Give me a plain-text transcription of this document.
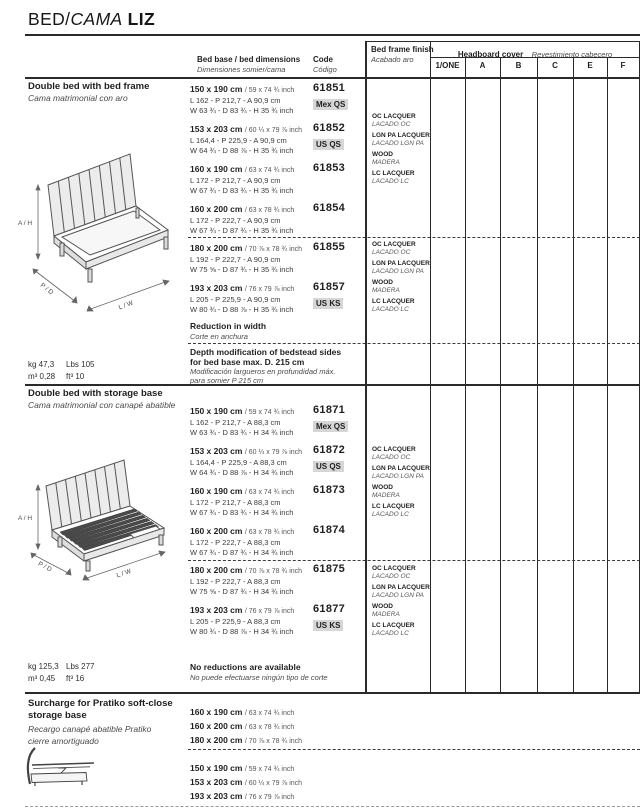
BED/CAMA LIZ
Bed base / bed dimensions
Dimensiones somier/cama
Code
Código
Bed frame finish
Acabado aro
Headboard cover Revestimiento cabecero
1/ONE	A	B	C	E	F
Double bed with bed frame
Cama matrimonial con aro
A / H
P / D
L / W
150 x 190 cm / 59 x 74 ¾ inch
L 162 - P 212,7 - A 90,9 cm
W 63 ¾ - D 83 ¾ - H 35 ¾ inch
61851
Mex QS
153 x 203 cm / 60 ¼ x 79 ⅞ inch
L 164,4 - P 225,9 - A 90,9 cm
W 64 ¾ - D 88 ⅞ - H 35 ¾ inch
61852
US QS
160 x 190 cm / 63 x 74 ¾ inch
L 172 - P 212,7 - A 90,9 cm
W 67 ¾ - D 83 ¾ - H 35 ¾ inch
61853
160 x 200 cm / 63 x 78 ¾ inch
L 172 - P 222,7 - A 90,9 cm
W 67 ¾ - D 87 ¾ - H 35 ¾ inch
61854
180 x 200 cm / 70 ⅞ x 78 ¾ inch
L 192 - P 222,7 - A 90,9 cm
W 75 ⅝ - D 87 ¾ - H 35 ¾ inch
61855
193 x 203 cm / 76 x 79 ⅞ inch
L 205 - P 225,9 - A 90,9 cm
W 80 ¾ - D 88 ⅞ - H 35 ¾ inch
61857
US KS
OC LACQUER
LACADO OC
LGN PA LACQUER
LACADO LGN PA
WOOD
MADERA
LC LACQUER
LACADO LC
OC LACQUER
LACADO OC
LGN PA LACQUER
LACADO LGN PA
WOOD
MADERA
LC LACQUER
LACADO LC
Reduction in width
Corte en anchura
Depth modification of bedstead sides
for bed base max. D. 215 cm
Modificación largueros en profundidad máx.
para somier P 215 cm
kg 47,3 Lbs 105
m³ 0,28 ft³ 10
Double bed with storage base
Cama matrimonial con canapé abatible
A / H
P / D
L / W
150 x 190 cm / 59 x 74 ¾ inch
L 162 - P 212,7 - A 88,3 cm
W 63 ¾ - D 83 ¾ - H 34 ¾ inch
61871
Mex QS
153 x 203 cm / 60 ¼ x 79 ⅞ inch
L 164,4 - P 225,9 - A 88,3 cm
W 64 ¾ - D 88 ⅞ - H 34 ¾ inch
61872
US QS
160 x 190 cm / 63 x 74 ¾ inch
L 172 - P 212,7 - A 88,3 cm
W 67 ¾ - D 83 ¾ - H 34 ¾ inch
61873
160 x 200 cm / 63 x 78 ¾ inch
L 172 - P 222,7 - A 88,3 cm
W 67 ¾ - D 87 ¾ - H 34 ¾ inch
61874
180 x 200 cm / 70 ⅞ x 78 ¾ inch
L 192 - P 222,7 - A 88,3 cm
W 75 ⅝ - D 87 ¾ - H 34 ¾ inch
61875
193 x 203 cm / 76 x 79 ⅞ inch
L 205 - P 225,9 - A 88,3 cm
W 80 ¾ - D 88 ⅞ - H 34 ¾ inch
61877
US KS
OC LACQUER
LACADO OC
LGN PA LACQUER
LACADO LGN PA
WOOD
MADERA
LC LACQUER
LACADO LC
OC LACQUER
LACADO OC
LGN PA LACQUER
LACADO LGN PA
WOOD
MADERA
LC LACQUER
LACADO LC
No reductions are available
No puede efectuarse ningún tipo de corte
kg 125,3 Lbs 277
m³ 0,45 ft³ 16
Surcharge for Pratiko soft-close
storage base
Recargo canapé abatible Pratiko
cierre amortiguado
160 x 190 cm / 63 x 74 ¾ inch
160 x 200 cm / 63 x 78 ¾ inch
180 x 200 cm / 70 ⅞ x 78 ¾ inch
150 x 190 cm / 59 x 74 ¾ inch
153 x 203 cm / 60 ¼ x 79 ⅞ inch
193 x 203 cm / 76 x 79 ⅞ inch
